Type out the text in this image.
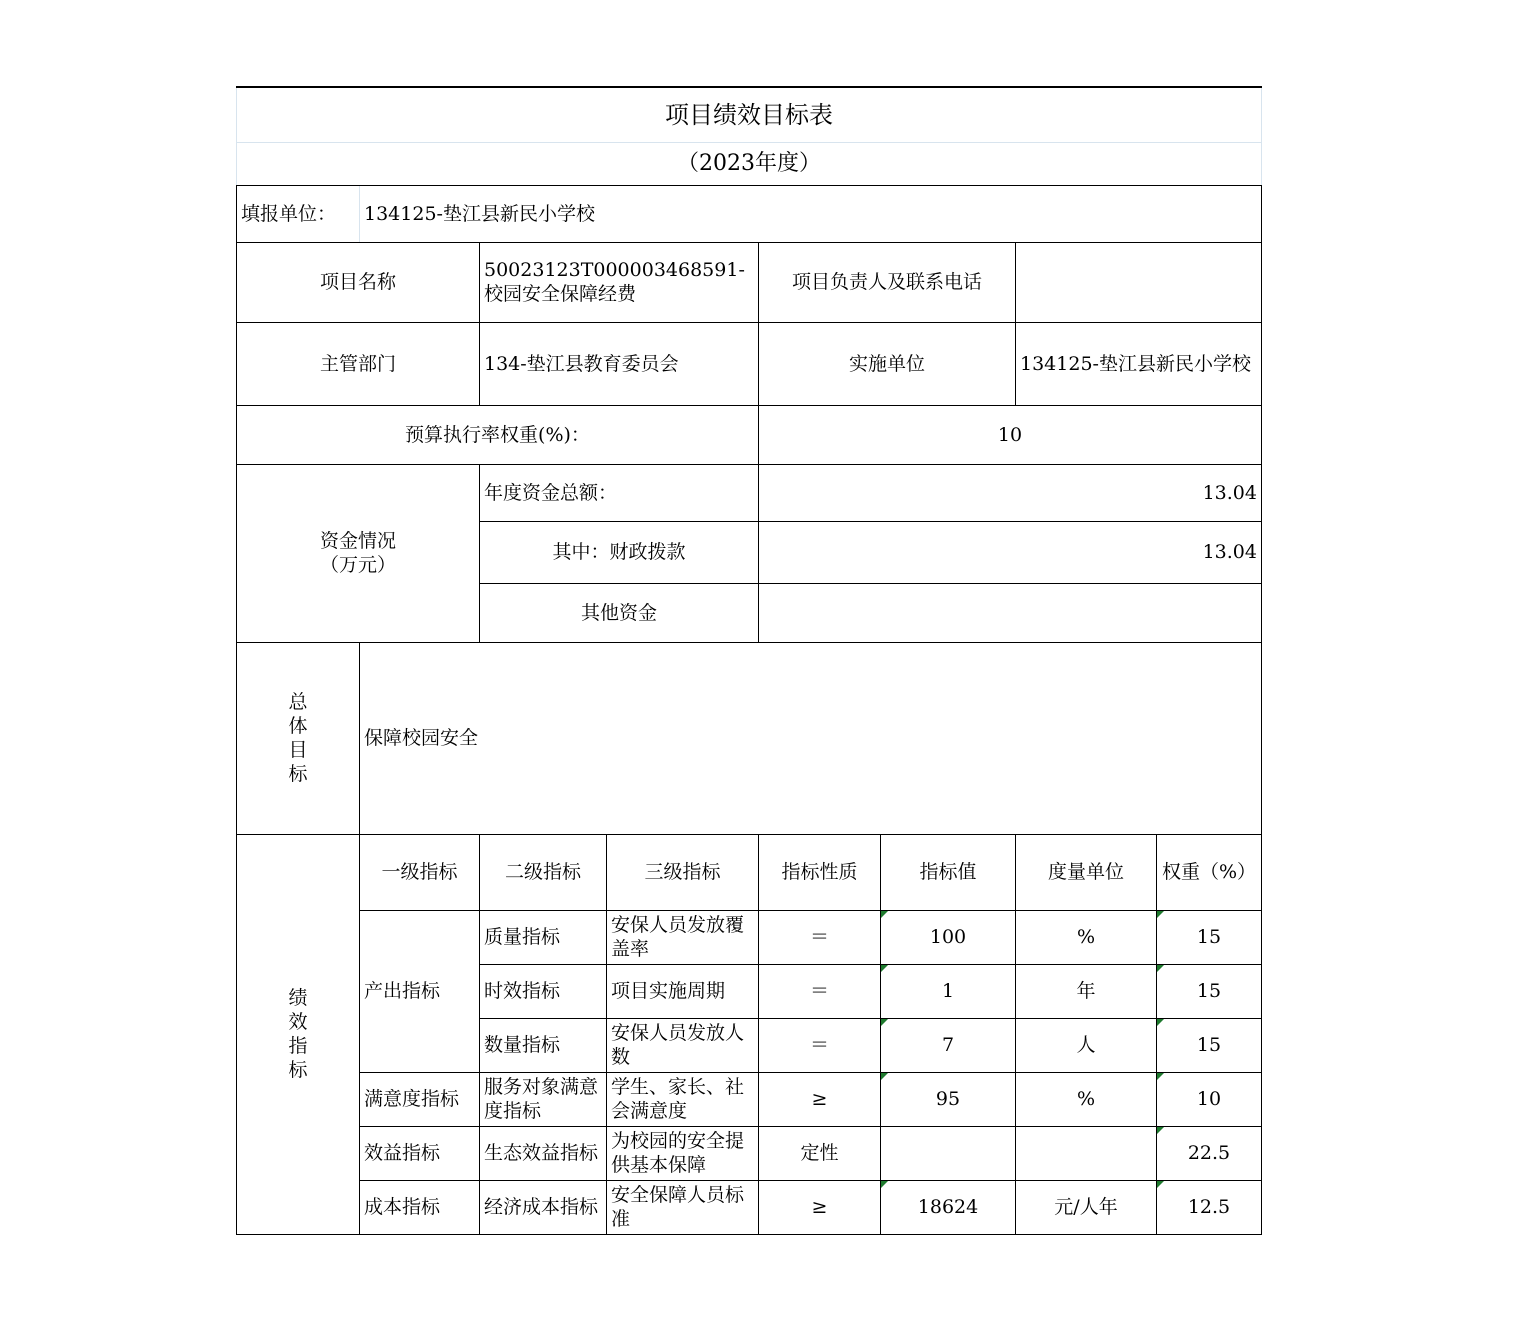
项目绩效目标表							
（2023年度）							
填报单位：	134125-垫江县新民小学校						
项目名称		50023123T000003468591-校园安全保障经费		项目负责人及联系电话			
主管部门		134-垫江县教育委员会		实施单位		134125-垫江县新民小学校	
预算执行率权重(%)：				10			
资金情况
（万元）		年度资金总额：		13.04			
		其中：财政拨款		13.04			
		其他资金					
总体目标	保障校园安全						
绩效指标	一级指标	二级指标	三级指标	指标性质	指标值	度量单位	权重（%）
	产出指标	质量指标	安保人员发放覆盖率	＝	100	%	15
		时效指标	项目实施周期	＝	1	年	15
		数量指标	安保人员发放人数	＝	7	人	15
	满意度指标	服务对象满意度指标	学生、家长、社会满意度	≥	95	%	10
	效益指标	生态效益指标	为校园的安全提供基本保障	定性			22.5
	成本指标	经济成本指标	安全保障人员标准	≥	18624	元/人年	12.5
